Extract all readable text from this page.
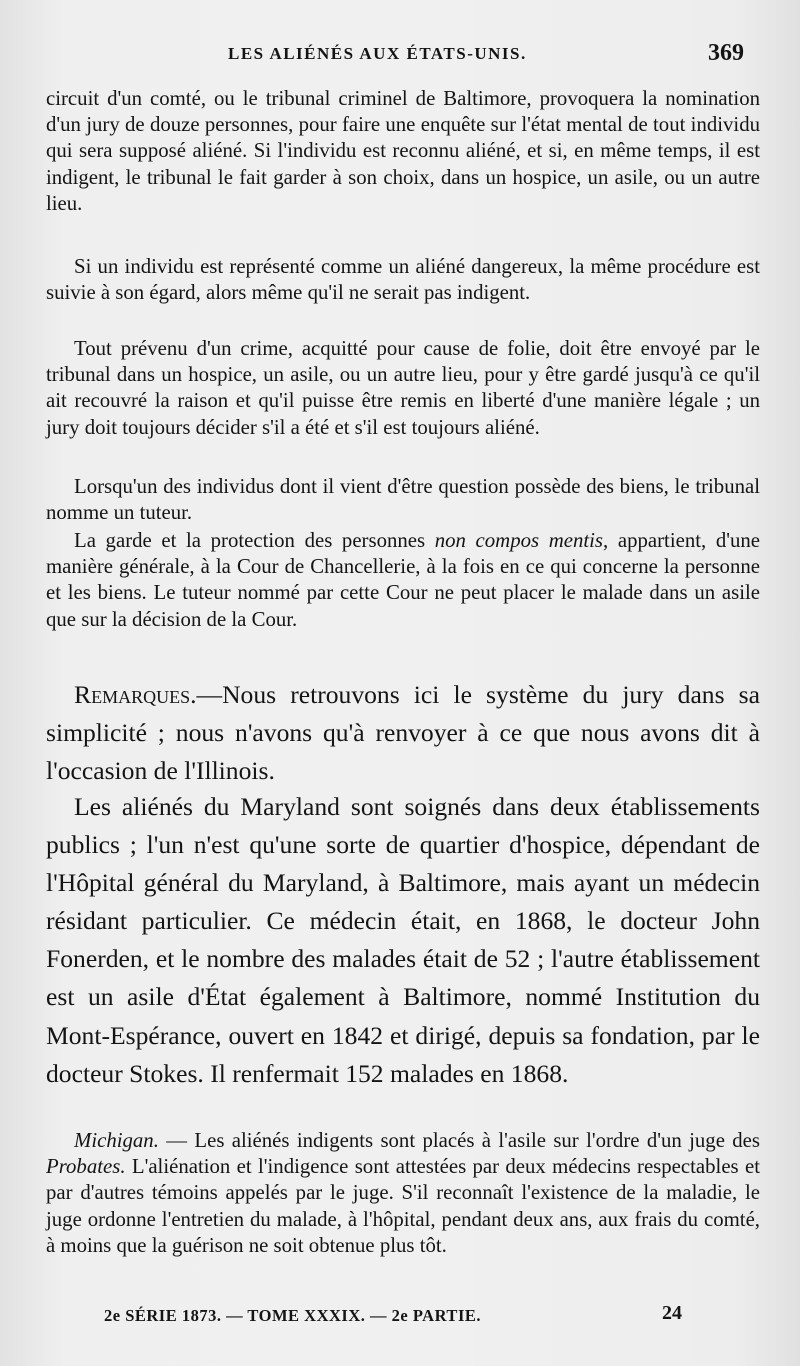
LES ALIÉNÉS AUX ÉTATS-UNIS.	369

circuit d'un comté, ou le tribunal criminel de Baltimore, provoquera la nomination d'un jury de douze personnes, pour faire une enquête sur l'état mental de tout individu qui sera supposé aliéné. Si l'individu est reconnu aliéné, et si, en même temps, il est indigent, le tribunal le fait garder à son choix, dans un hospice, un asile, ou un autre lieu.

Si un individu est représenté comme un aliéné dangereux, la même procédure est suivie à son égard, alors même qu'il ne serait pas indigent.

Tout prévenu d'un crime, acquitté pour cause de folie, doit être envoyé par le tribunal dans un hospice, un asile, ou un autre lieu, pour y être gardé jusqu'à ce qu'il ait recouvré la raison et qu'il puisse être remis en liberté d'une manière légale ; un jury doit toujours décider s'il a été et s'il est toujours aliéné.

Lorsqu'un des individus dont il vient d'être question possède des biens, le tribunal nomme un tuteur.

La garde et la protection des personnes non compos mentis, appartient, d'une manière générale, à la Cour de Chancellerie, à la fois en ce qui concerne la personne et les biens. Le tuteur nommé par cette Cour ne peut placer le malade dans un asile que sur la décision de la Cour.

Remarques.—Nous retrouvons ici le système du jury dans sa simplicité ; nous n'avons qu'à renvoyer à ce que nous avons dit à l'occasion de l'Illinois.

Les aliénés du Maryland sont soignés dans deux établissements publics ; l'un n'est qu'une sorte de quartier d'hospice, dépendant de l'Hôpital général du Maryland, à Baltimore, mais ayant un médecin résidant particulier. Ce médecin était, en 1868, le docteur John Fonerden, et le nombre des malades était de 52 ; l'autre établissement est un asile d'État également à Baltimore, nommé Institution du Mont-Espérance, ouvert en 1842 et dirigé, depuis sa fondation, par le docteur Stokes. Il renfermait 152 malades en 1868.

Michigan. — Les aliénés indigents sont placés à l'asile sur l'ordre d'un juge des Probates. L'aliénation et l'indigence sont attestées par deux médecins respectables et par d'autres témoins appelés par le juge. S'il reconnaît l'existence de la maladie, le juge ordonne l'entretien du malade, à l'hôpital, pendant deux ans, aux frais du comté, à moins que la guérison ne soit obtenue plus tôt.

2e SÉRIE 1873. — TOME XXXIX. — 2e PARTIE.	24
